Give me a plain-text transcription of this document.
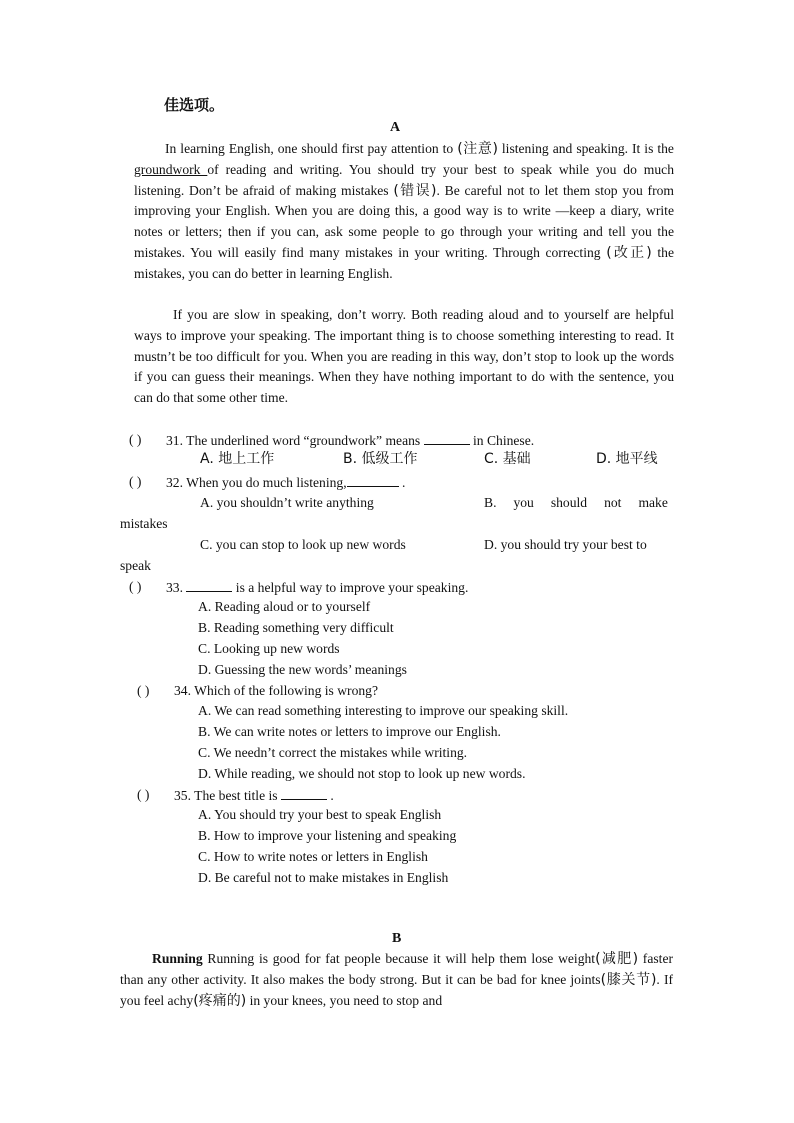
佳选项。
A
In learning English, one should first pay attention to (注意) listening and speaking. It is the groundwork of reading and writing. You should try your best to speak while you do much listening. Don’t be afraid of making mistakes (错误). Be careful not to let them stop you from improving your English. When you are doing this, a good way is to write —keep a diary, write notes or letters; then if you can, ask some people to go through your writing and tell you the mistakes. You will easily find many mistakes in your writing. Through correcting (改正) the mistakes, you can do better in learning English.
If you are slow in speaking, don’t worry. Both reading aloud and to yourself are helpful ways to improve your speaking. The important thing is to choose something interesting to read. It mustn’t be too difficult for you. When you are reading in this way, don’t stop to look up the words if you can guess their meanings. When they have nothing important to do with the sentence, you can do that some other time.
( ) 31. The underlined word “groundwork” means	in Chinese.
A. 地上工作	B. 低级工作	C. 基础	D. 地平线
( ) 32. When you do much listening,	.
A. you shouldn’t write anything	B.     you     should     not     make
mistakes
C. you can stop to look up new words	D. you should try your best to
speak
( ) 33.	is a helpful way to improve your speaking.
A. Reading aloud or to yourself
B. Reading something very difficult
C. Looking up new words
D. Guessing the new words’ meanings
( ) 34. Which of the following is wrong?
A. We can read something interesting to improve our speaking skill.
B. We can write notes or letters to improve our English.
C. We needn’t correct the mistakes while writing.
D. While reading, we should not stop to look up new words.
( ) 35. The best title is	.
A. You should try your best to speak English
B. How to improve your listening and speaking
C. How to write notes or letters in English
D. Be careful not to make mistakes in English
B
Running Running is good for fat people because it will help them lose weight(减肥) faster than any other activity. It also makes the body strong. But it can be bad for knee joints(膝关节). If you feel achy(疼痛的) in your knees, you need to stop and
